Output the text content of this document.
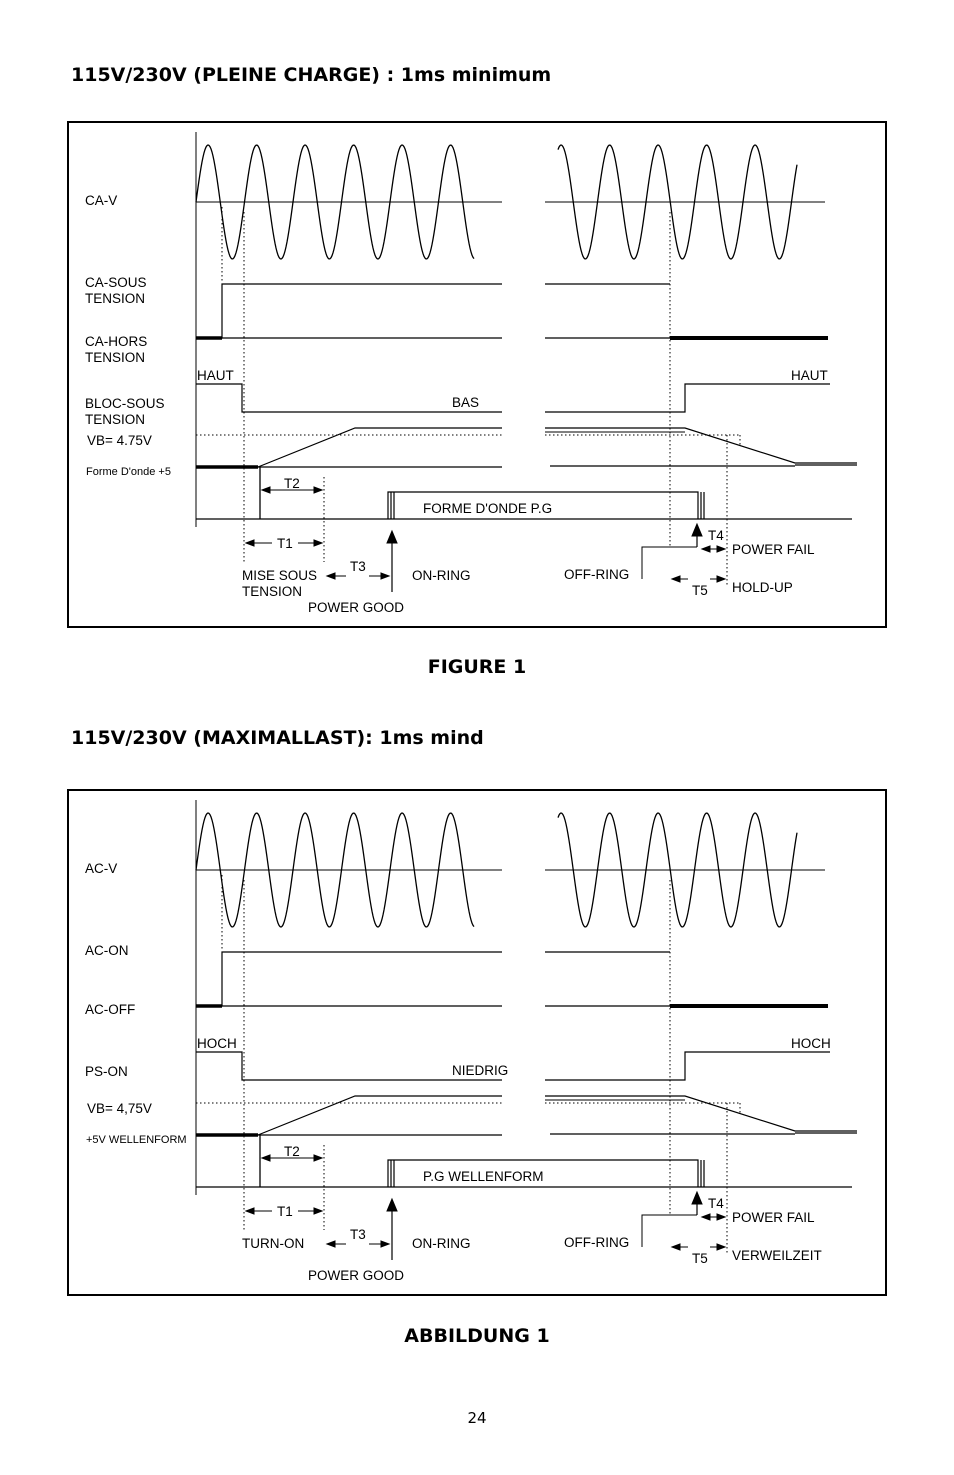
115V/230V (PLEINE CHARGE) : 1ms minimum
CA-V
CA-SOUS
TENSION
CA-HORS
TENSION
HAUT	HAUT
BLOC-SOUS
TENSION
BAS
VB= 4.75V
Forme D'onde +5
FORME D'ONDE P.G
T2
T1
T3
T4
T5
MISE SOUS
TENSION
POWER GOOD
ON-RING	OFF-RING
POWER FAIL
HOLD-UP

FIGURE 1

115V/230V (MAXIMALLAST): 1ms mind
AC-V
AC-ON
AC-OFF
HOCH	HOCH
PS-ON	NIEDRIG
VB= 4,75V
+5V WELLENFORM
P.G WELLENFORM
T2
T1
T3
T4
T5
TURN-ON
POWER GOOD
ON-RING	OFF-RING
POWER FAIL
VERWEILZEIT

ABBILDUNG 1

24
